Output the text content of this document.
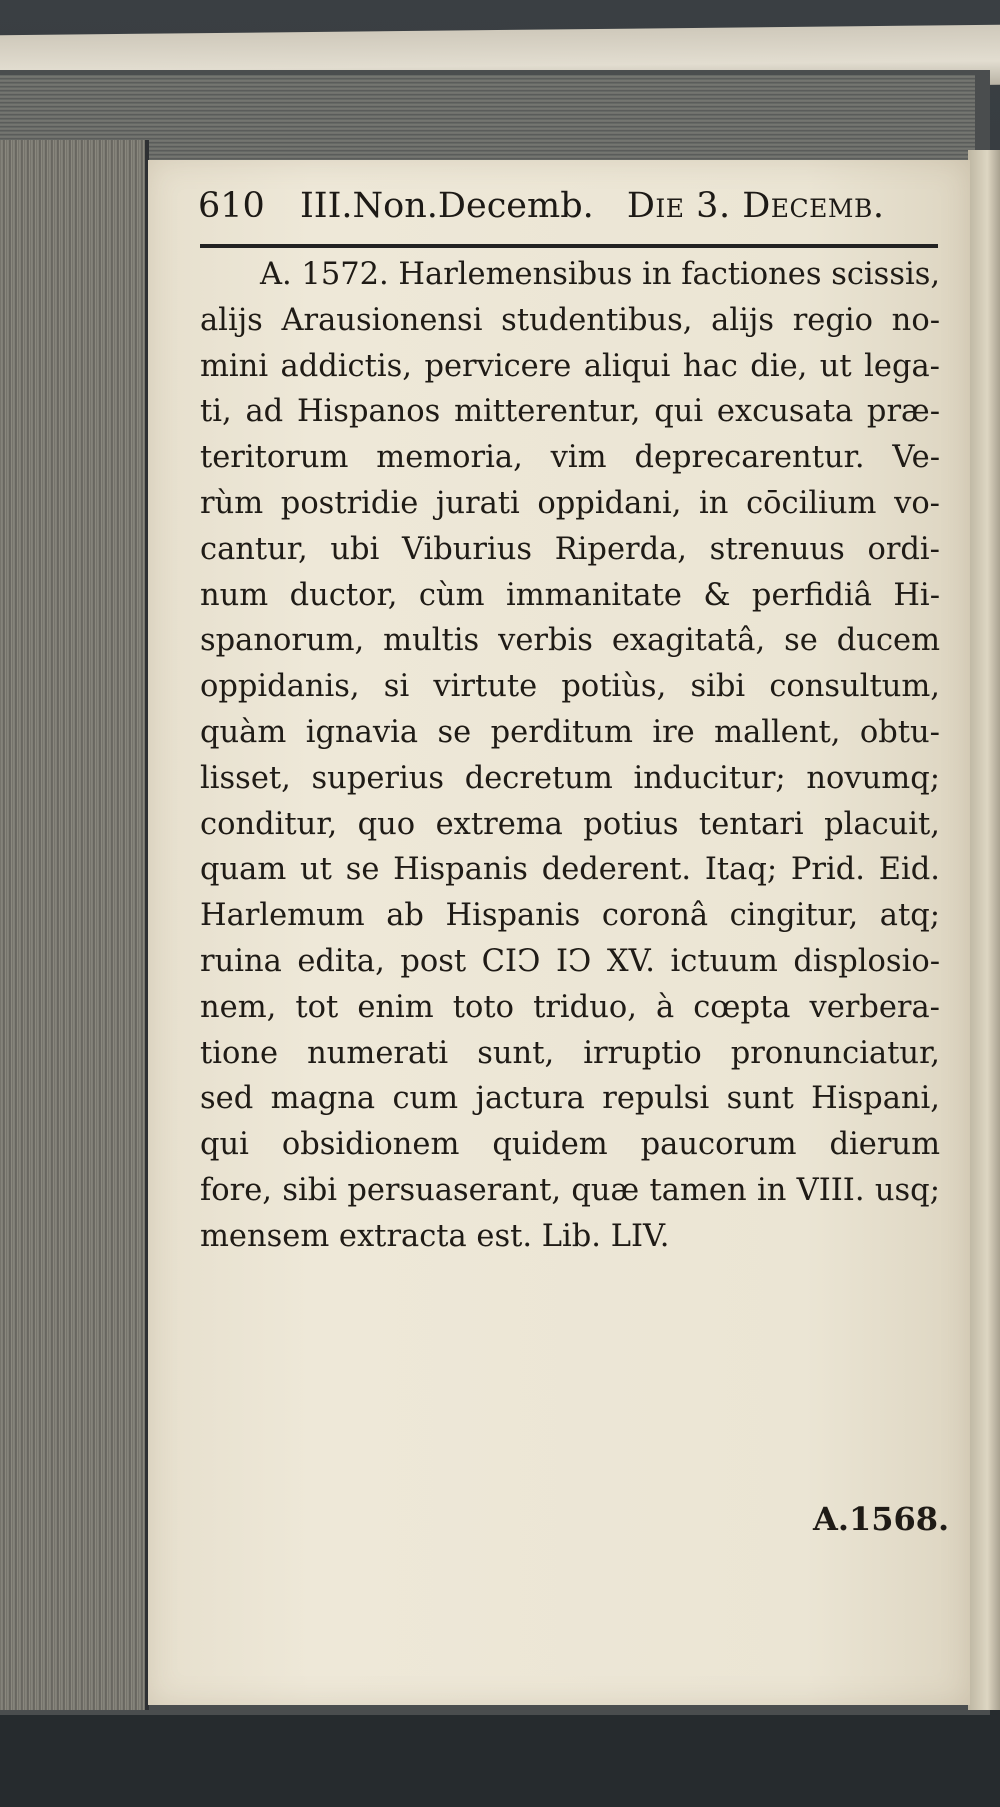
610 III.Non.Decemb. Die 3. Decemb.
A. 1572. Harlemensibus in factiones scissis,
alijs Arausionensi studentibus, alijs regio no-
mini addictis, pervicere aliqui hac die, ut lega-
ti, ad Hispanos mitterentur, qui excusata præ-
teritorum memoria, vim deprecarentur. Ve-
rùm postridie jurati oppidani, in cōcilium vo-
cantur, ubi Viburius Riperda, strenuus ordi-
num ductor, cùm immanitate & perfidiâ Hi-
spanorum, multis verbis exagitatâ, se ducem
oppidanis, si virtute potiùs, sibi consultum,
quàm ignavia se perditum ire mallent, obtu-
lisset, superius decretum inducitur; novumq;
conditur, quo extrema potius tentari placuit,
quam ut se Hispanis dederent. Itaq; Prid. Eid.
Harlemum ab Hispanis coronâ cingitur, atq;
ruina edita, post CIϽ IϽ XV. ictuum displosio-
nem, tot enim toto triduo, à cœpta verbera-
tione numerati sunt, irruptio pronunciatur,
sed magna cum jactura repulsi sunt Hispani,
qui obsidionem quidem paucorum dierum
fore, sibi persuaserant, quæ tamen in VIII. usq;
mensem extracta est. Lib. LIV.
A.1568.
